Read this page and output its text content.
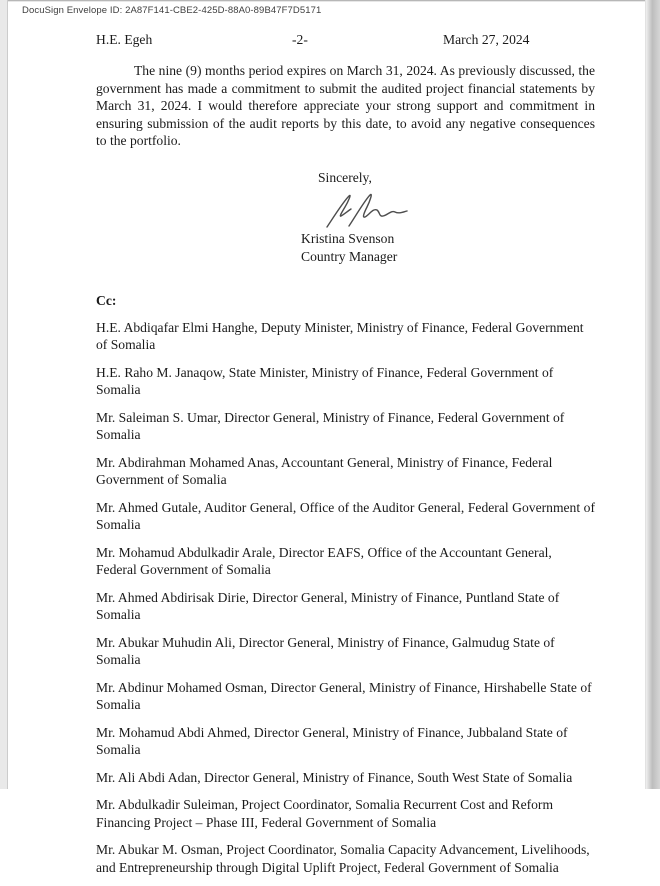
DocuSign Envelope ID: 2A87F141-CBE2-425D-88A0-89B47F7D5171
H.E. Egeh	-2-	March 27, 2024

The nine (9) months period expires on March 31, 2024. As previously discussed, the government has made a commitment to submit the audited project financial statements by March 31, 2024. I would therefore appreciate your strong support and commitment in ensuring submission of the audit reports by this date, to avoid any negative consequences to the portfolio.

Sincerely,
Kristina Svenson
Country Manager
Cc:
H.E. Abdiqafar Elmi Hanghe, Deputy Minister, Ministry of Finance, Federal Government of Somalia
H.E. Raho M. Janaqow, State Minister, Ministry of Finance, Federal Government of Somalia
Mr. Saleiman S. Umar, Director General, Ministry of Finance, Federal Government of Somalia
Mr. Abdirahman Mohamed Anas, Accountant General, Ministry of Finance, Federal Government of Somalia
Mr. Ahmed Gutale, Auditor General, Office of the Auditor General, Federal Government of Somalia
Mr. Mohamud Abdulkadir Arale, Director EAFS, Office of the Accountant General, Federal Government of Somalia
Mr. Ahmed Abdirisak Dirie, Director General, Ministry of Finance, Puntland State of Somalia
Mr. Abukar Muhudin Ali, Director General, Ministry of Finance, Galmudug State of Somalia
Mr. Abdinur Mohamed Osman, Director General, Ministry of Finance, Hirshabelle State of Somalia
Mr. Mohamud Abdi Ahmed, Director General, Ministry of Finance, Jubbaland State of Somalia
Mr. Ali Abdi Adan, Director General, Ministry of Finance, South West State of Somalia
Mr. Abdulkadir Suleiman, Project Coordinator, Somalia Recurrent Cost and Reform Financing Project – Phase III, Federal Government of Somalia
Mr. Abukar M. Osman, Project Coordinator, Somalia Capacity Advancement, Livelihoods, and Entrepreneurship through Digital Uplift Project, Federal Government of Somalia
